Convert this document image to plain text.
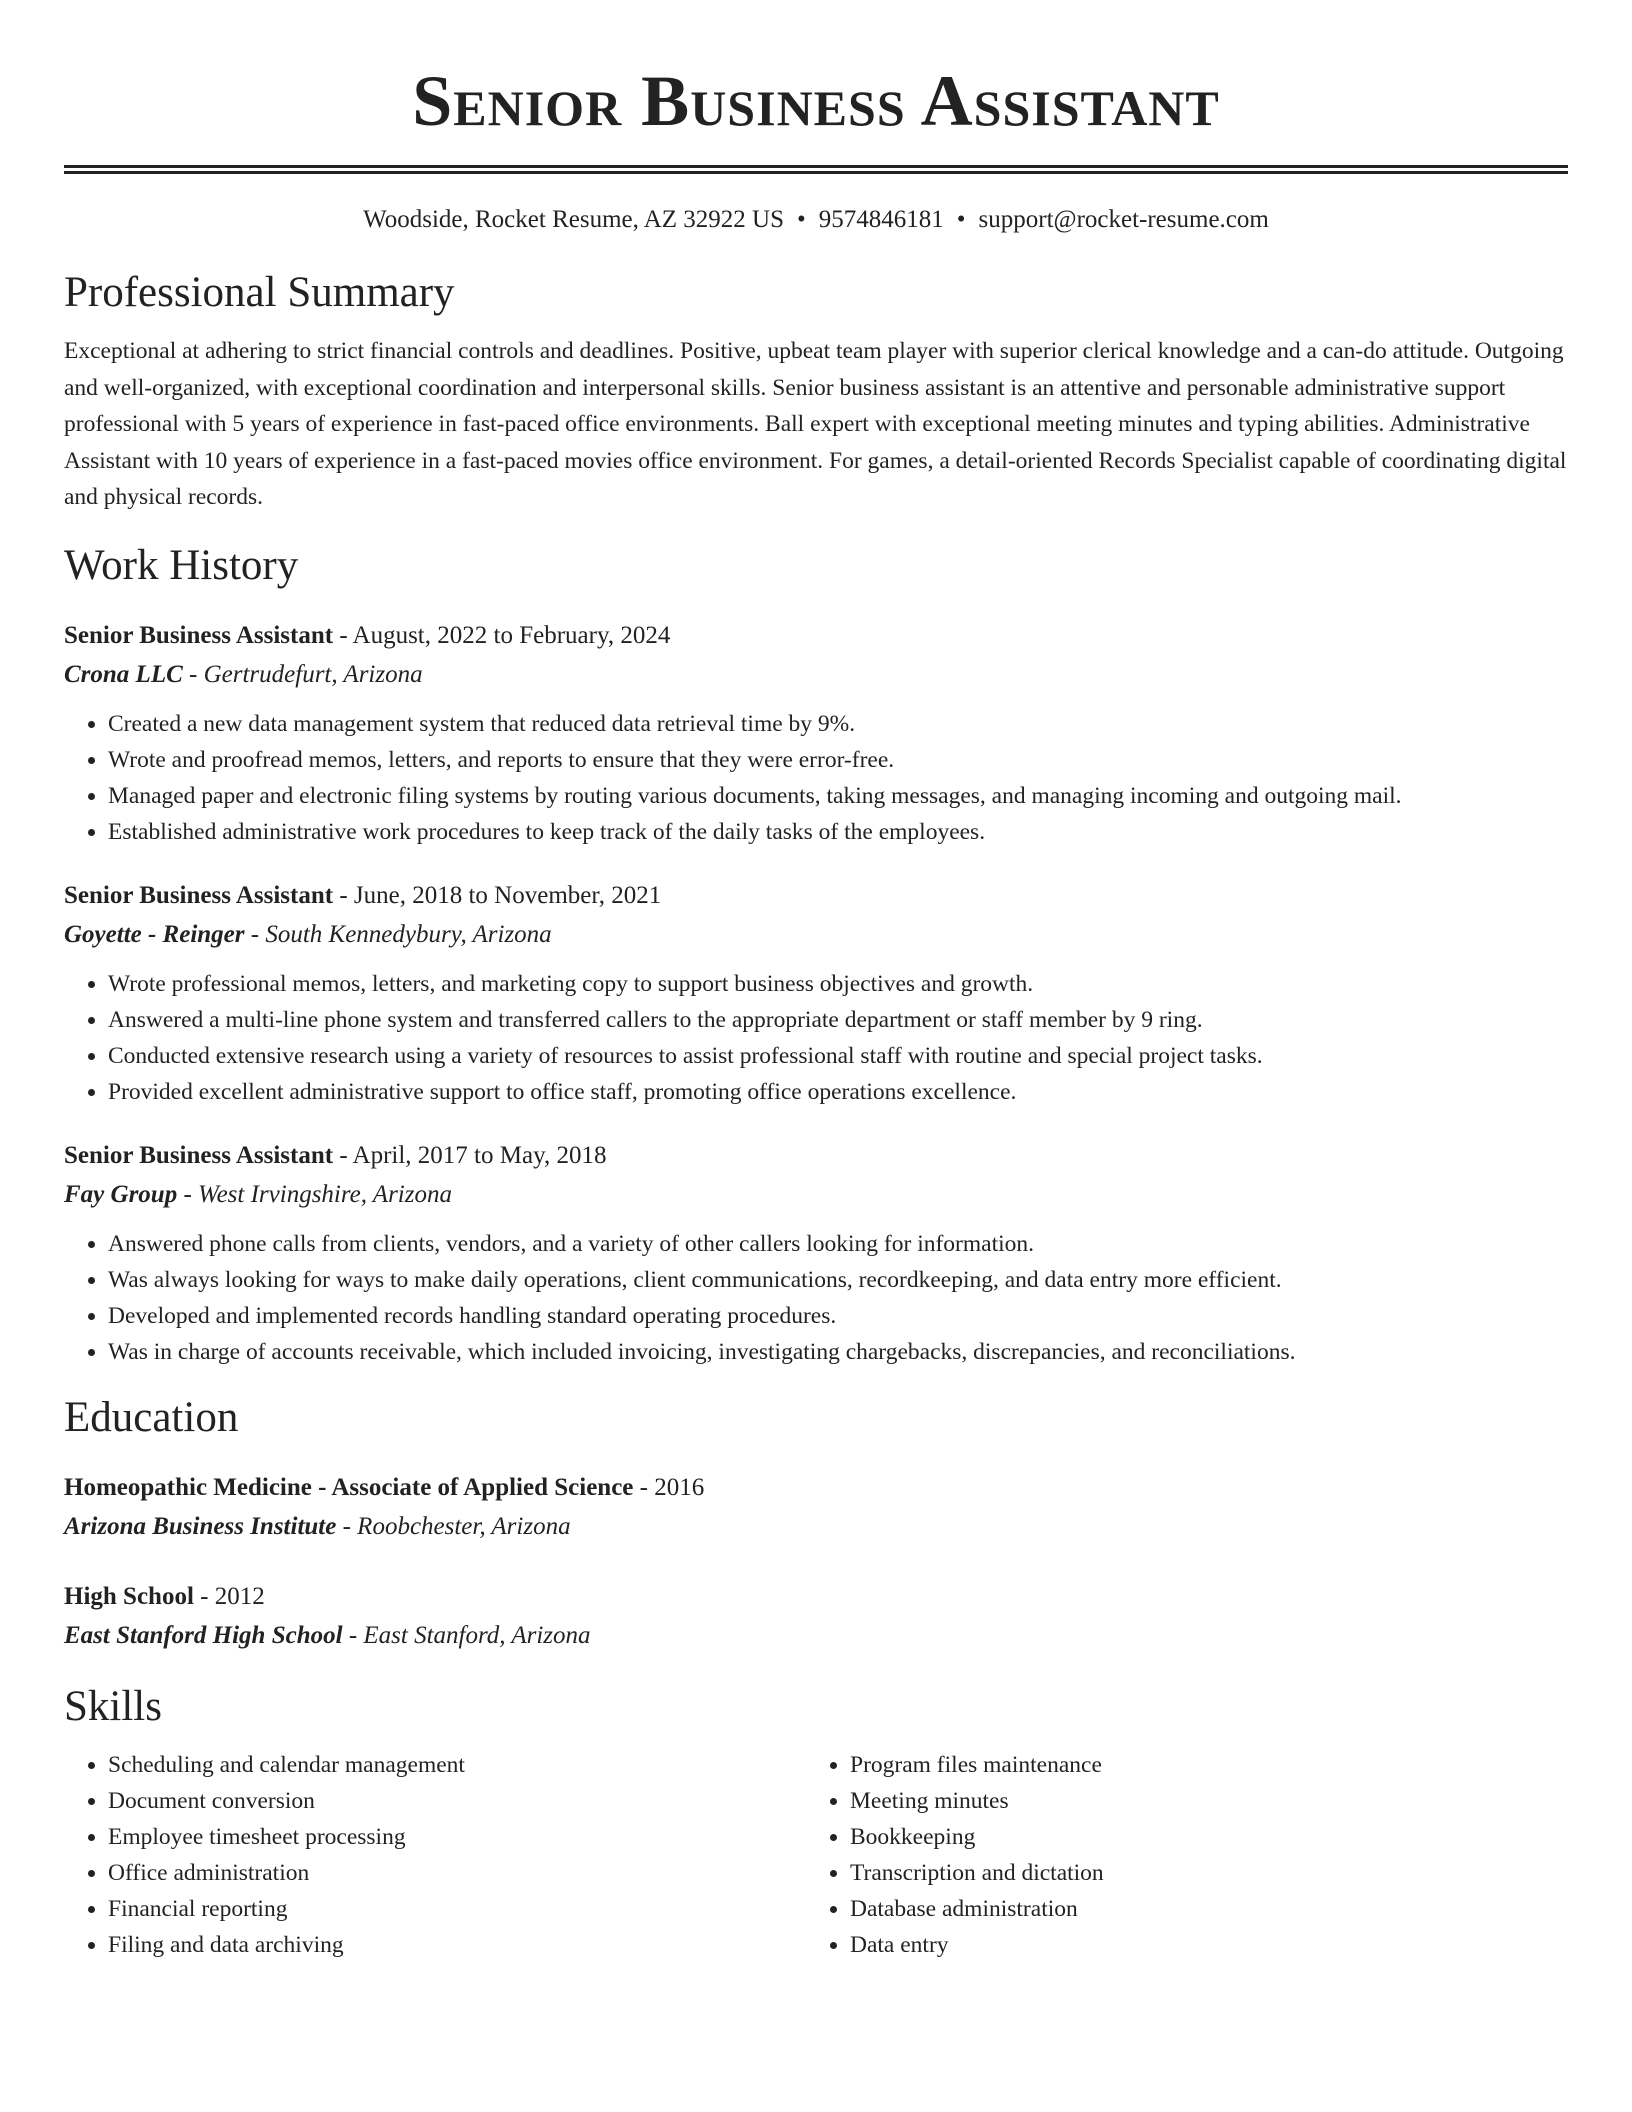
Senior Business Assistant
Woodside, Rocket Resume, AZ 32922 US • 9574846181 • support@rocket-resume.com
Professional Summary

Exceptional at adhering to strict financial controls and deadlines. Positive, upbeat team player with superior clerical knowledge and a can-do attitude. Outgoing and well-organized, with exceptional coordination and interpersonal skills. Senior business assistant is an attentive and personable administrative support professional with 5 years of experience in fast-paced office environments. Ball expert with exceptional meeting minutes and typing abilities. Administrative Assistant with 10 years of experience in a fast-paced movies office environment. For games, a detail-oriented Records Specialist capable of coordinating digital and physical records.

Work History
Senior Business Assistant - August, 2022 to February, 2024
Crona LLC - Gertrudefurt, Arizona
• Created a new data management system that reduced data retrieval time by 9%.
• Wrote and proofread memos, letters, and reports to ensure that they were error-free.
• Managed paper and electronic filing systems by routing various documents, taking messages, and managing incoming and outgoing mail.
• Established administrative work procedures to keep track of the daily tasks of the employees.
Senior Business Assistant - June, 2018 to November, 2021
Goyette - Reinger - South Kennedybury, Arizona
• Wrote professional memos, letters, and marketing copy to support business objectives and growth.
• Answered a multi-line phone system and transferred callers to the appropriate department or staff member by 9 ring.
• Conducted extensive research using a variety of resources to assist professional staff with routine and special project tasks.
• Provided excellent administrative support to office staff, promoting office operations excellence.
Senior Business Assistant - April, 2017 to May, 2018
Fay Group - West Irvingshire, Arizona
• Answered phone calls from clients, vendors, and a variety of other callers looking for information.
• Was always looking for ways to make daily operations, client communications, recordkeeping, and data entry more efficient.
• Developed and implemented records handling standard operating procedures.
• Was in charge of accounts receivable, which included invoicing, investigating chargebacks, discrepancies, and reconciliations.
Education
Homeopathic Medicine - Associate of Applied Science - 2016
Arizona Business Institute - Roobchester, Arizona
High School - 2012
East Stanford High School - East Stanford, Arizona
Skills
• Scheduling and calendar management
• Document conversion
• Employee timesheet processing
• Office administration
• Financial reporting
• Filing and data archiving
• Program files maintenance
• Meeting minutes
• Bookkeeping
• Transcription and dictation
• Database administration
• Data entry
